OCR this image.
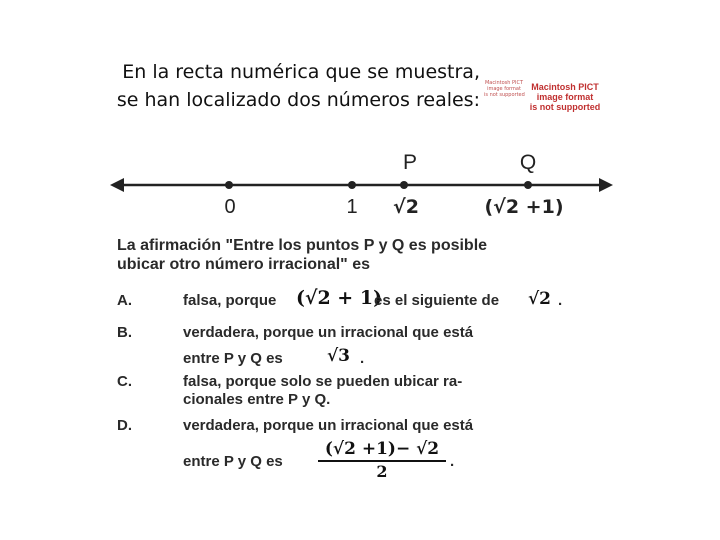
En la recta numérica que se muestra,
se han localizado dos números reales:
Macintosh PICT
image format
is not supported
Macintosh PICT
image format
is not supported
P	Q
0	1 √2	(√2 +1)
La afirmación "Entre los puntos P y Q es posible
ubicar otro número irracional" es
A.	falsa, porque (√2 + 1)
es el siguiente de √2 .
B.	verdadera, porque un irracional que está
entre P y Q es	√3 .
C.	falsa, porque solo se pueden ubicar ra-
cionales entre P y Q.
D.	verdadera, porque un irracional que está
entre P y Q es $\frac{(√2 +1)- √2}{2}$ .
